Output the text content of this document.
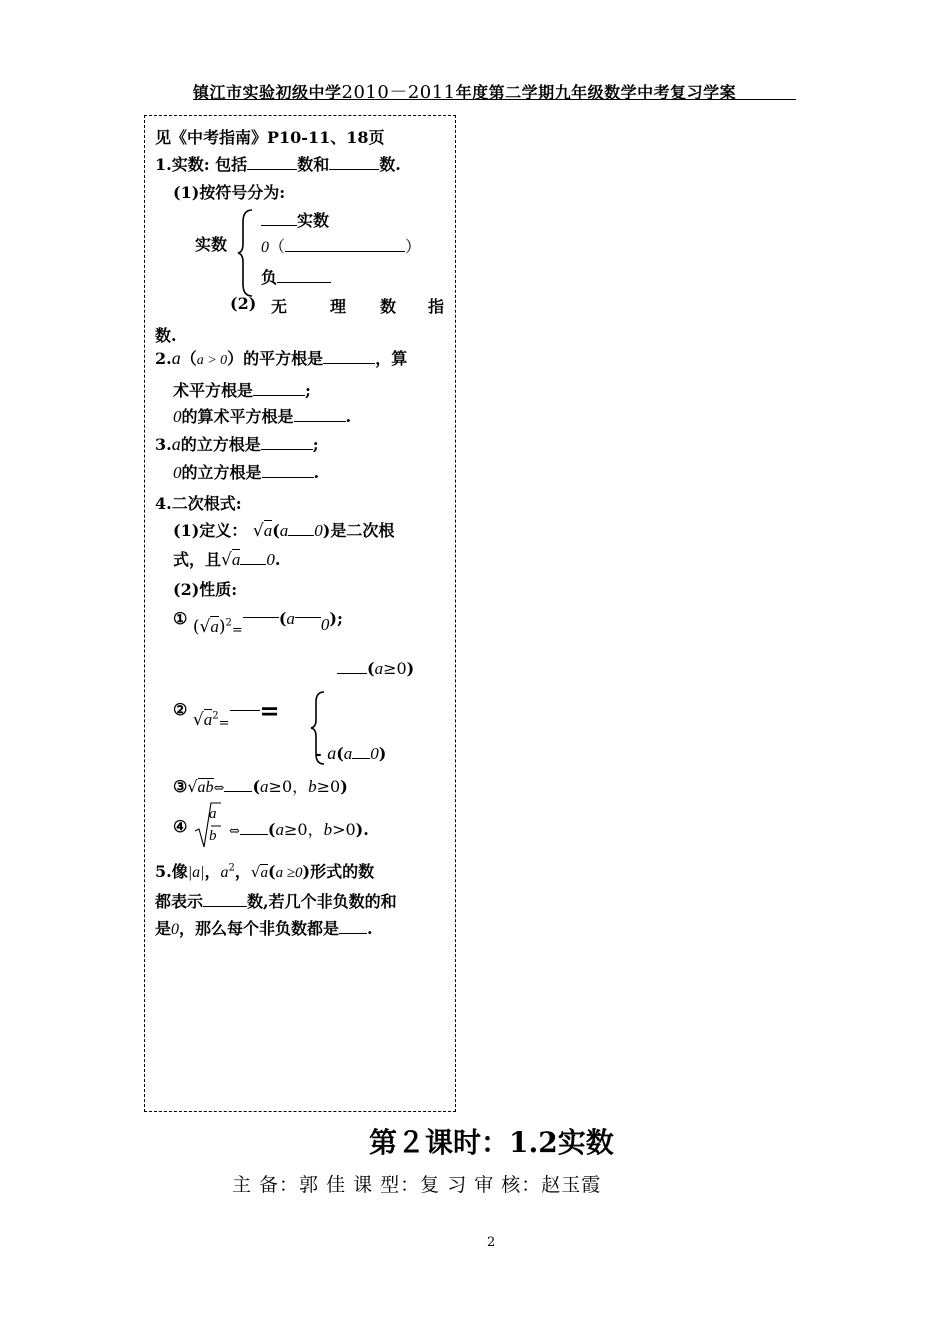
镇江市实验初级中学2010－2011年度第二学期九年级数学中考复习学案
见《中考指南》P10-11、18页
1.实数: 包括	数和	数.
(1)按符号分为:
实数
实数
0（	）
负
(2) 无	理 数 指
数.
2.a（a > 0）的平方根是	，算
术平方根是	;
0的算术平方根是	.
3.a的立方根是	;
0的立方根是	.
4.二次根式:
(1)定义： √a(a 0)是二次根
式，且√a 0.
(2)性质:
① $(√a)^2_=(a$ 0);
(a≥0)
② $√a^2_=$ =
- a(a 0)
③√ab⇔ (a≥0，b≥0)
④
a
b ⇔ (a≥0，b>0).
5.像|a|，$a^2$，√a(a ≥0)形式的数
都表示	数,若几个非负数的和
是0，那么每个非负数都是 .
第２课时：1.2实数
主 备：郭 佳 课 型：复 习 审 核：赵玉霞
2
